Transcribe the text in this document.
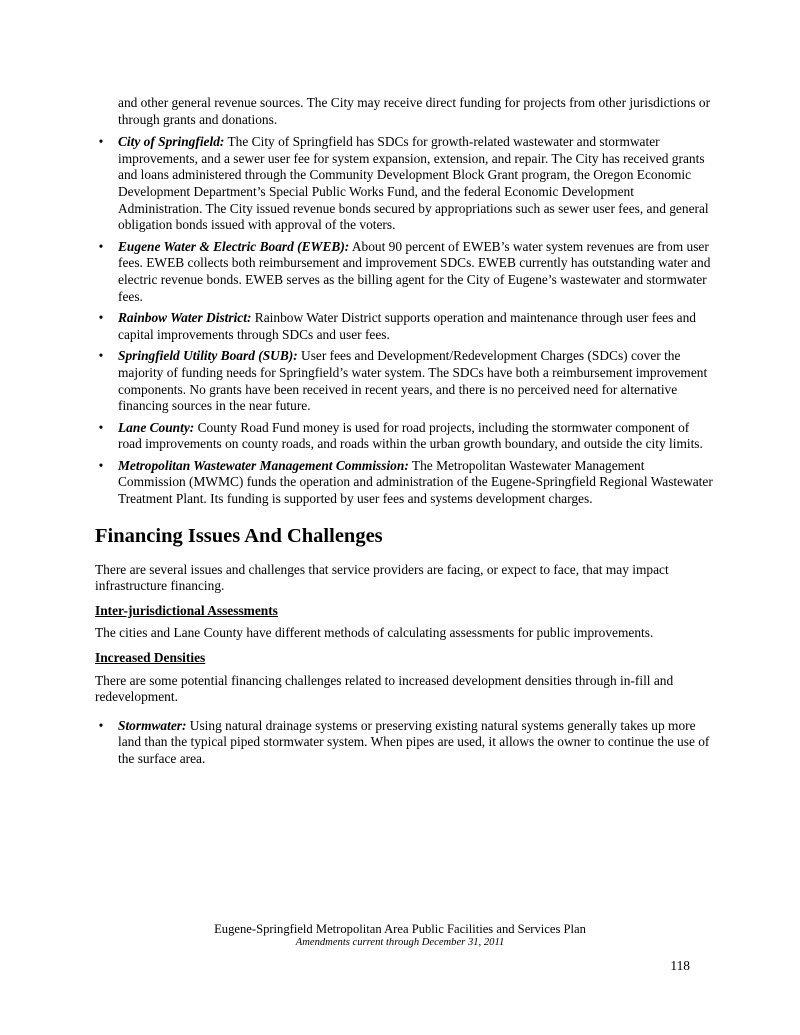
and other general revenue sources. The City may receive direct funding for projects from other jurisdictions or through grants and donations.

• City of Springfield: The City of Springfield has SDCs for growth-related wastewater and stormwater improvements, and a sewer user fee for system expansion, extension, and repair. The City has received grants and loans administered through the Community Development Block Grant program, the Oregon Economic Development Department’s Special Public Works Fund, and the federal Economic Development Administration. The City issued revenue bonds secured by appropriations such as sewer user fees, and general obligation bonds issued with approval of the voters.
• Eugene Water & Electric Board (EWEB): About 90 percent of EWEB’s water system revenues are from user fees. EWEB collects both reimbursement and improvement SDCs. EWEB currently has outstanding water and electric revenue bonds. EWEB serves as the billing agent for the City of Eugene’s wastewater and stormwater fees.
• Rainbow Water District: Rainbow Water District supports operation and maintenance through user fees and capital improvements through SDCs and user fees.
• Springfield Utility Board (SUB): User fees and Development/Redevelopment Charges (SDCs) cover the majority of funding needs for Springfield’s water system. The SDCs have both a reimbursement improvement components. No grants have been received in recent years, and there is no perceived need for alternative financing sources in the near future.
• Lane County: County Road Fund money is used for road projects, including the stormwater component of road improvements on county roads, and roads within the urban growth boundary, and outside the city limits.
• Metropolitan Wastewater Management Commission: The Metropolitan Wastewater Management Commission (MWMC) funds the operation and administration of the Eugene-Springfield Regional Wastewater Treatment Plant. Its funding is supported by user fees and systems development charges.
Financing Issues And Challenges

There are several issues and challenges that service providers are facing, or expect to face, that may impact infrastructure financing.

Inter-jurisdictional Assessments

The cities and Lane County have different methods of calculating assessments for public improvements.

Increased Densities

There are some potential financing challenges related to increased development densities through in-fill and redevelopment.

• Stormwater: Using natural drainage systems or preserving existing natural systems generally takes up more land than the typical piped stormwater system. When pipes are used, it allows the owner to continue the use of the surface area.
Eugene-Springfield Metropolitan Area Public Facilities and Services Plan
Amendments current through December 31, 2011
118
